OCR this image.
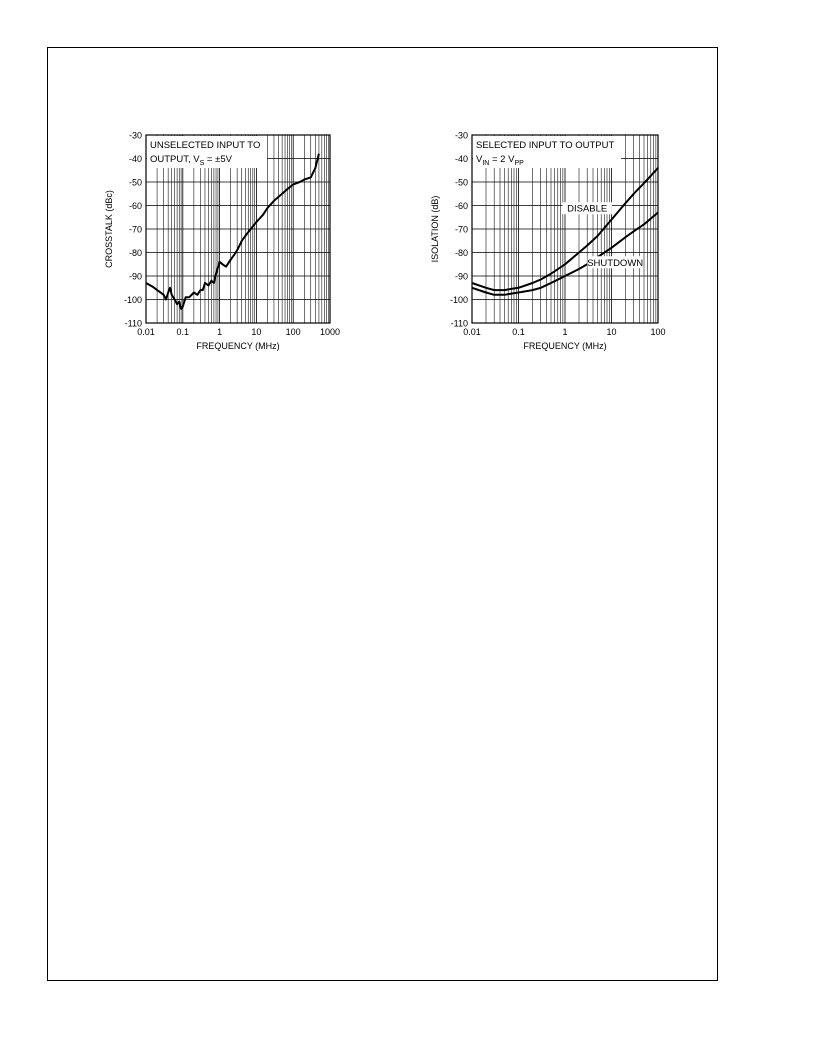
-30
-40
-50
-60
-70
-80
-90
-100
-110
0.01 0.1	1	10	100 1000
UNSELECTED INPUT TO
OUTPUT, $V_S = \pm 5V$
FREQUENCY (MHz)
CROSSTALK (dBc)
-30
-40
-50
-60
-70
-80
-90
-100
-110
0.01	0.1	1	10	100
SELECTED INPUT TO OUTPUT
$V_{IN} = 2$ $V_{PP}$
DISABLE
SHUTDOWN
FREQUENCY (MHz)
ISOLATION (dB)
